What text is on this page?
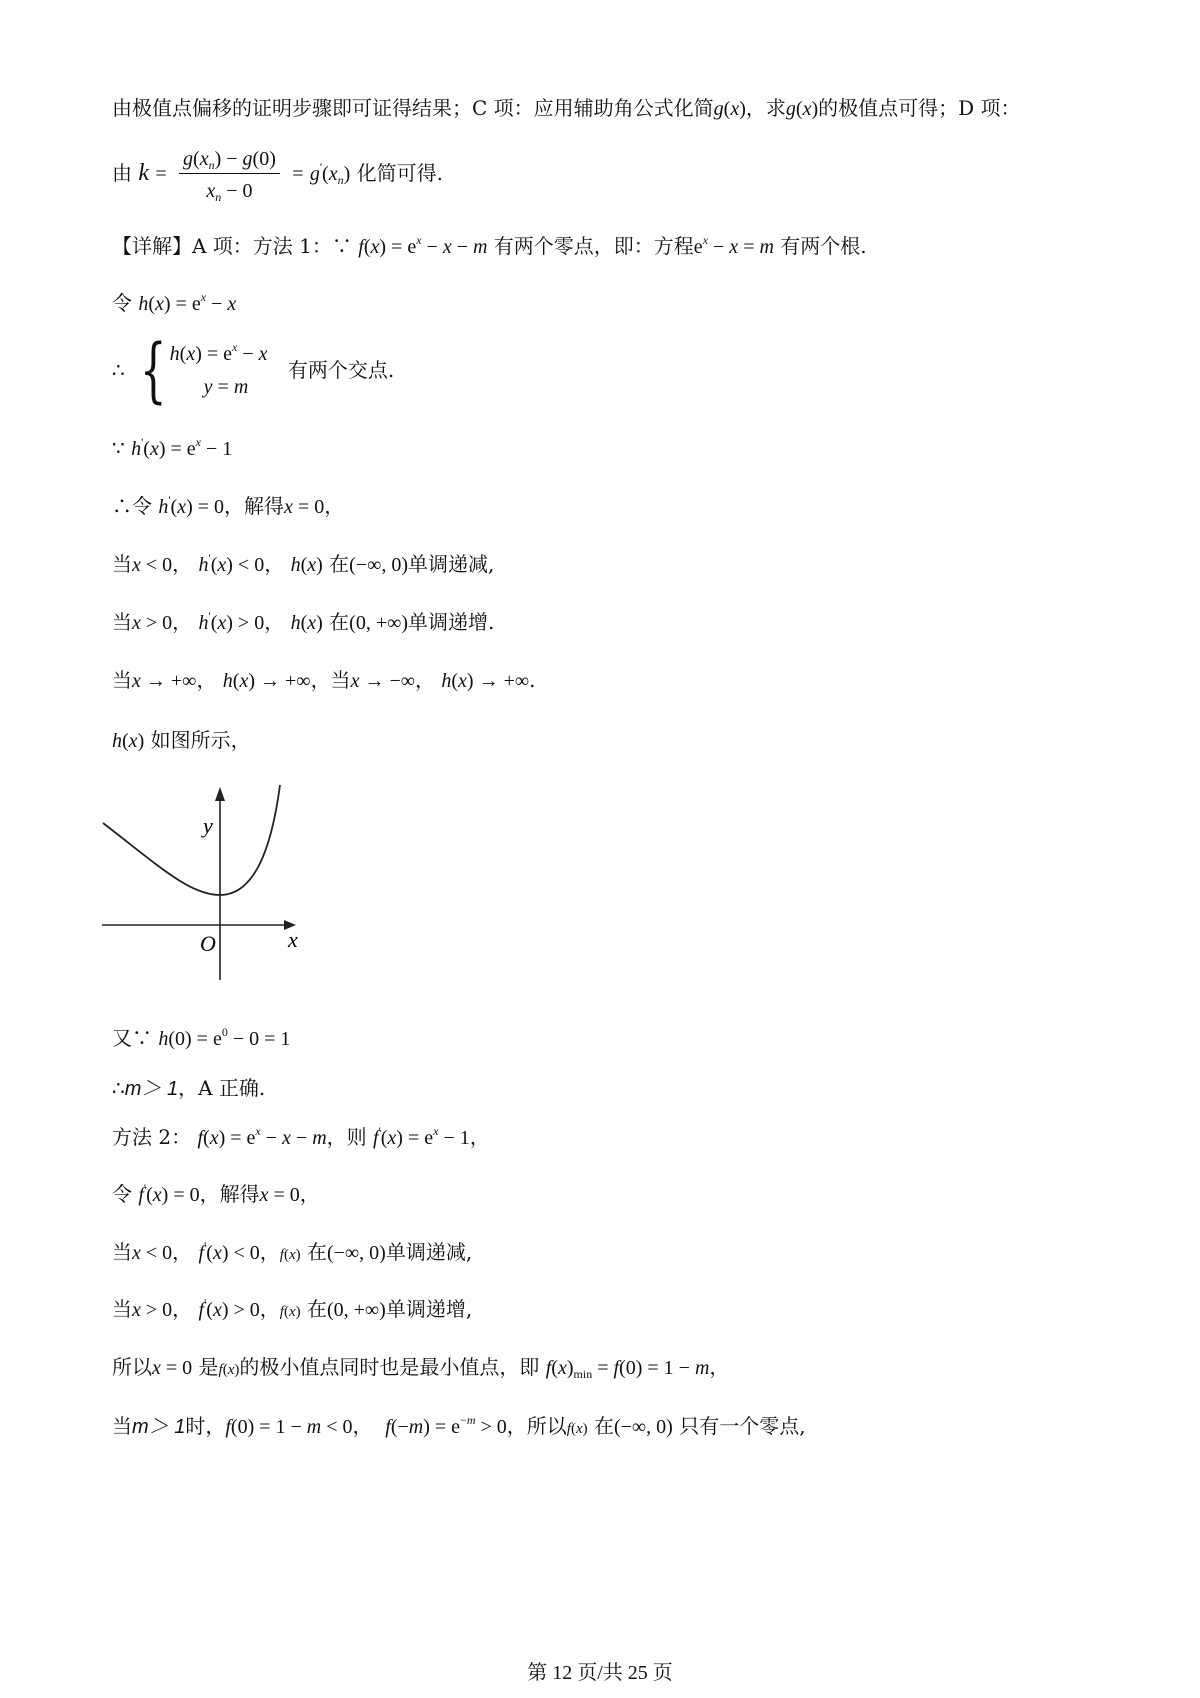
由极值点偏移的证明步骤即可证得结果；C 项：应用辅助角公式化简g(x)，求g(x)的极值点可得；D 项：
由 $k = \frac{g(x_n) - g(0)}{x_n - 0} = g'(x_n)$ 化简可得.
【详解】A 项：方法 1：∵ $f(x) = e^x - x - m$ 有两个零点，即：方程$e^x - x = m$ 有两个根.
令 $h(x) = e^x - x$
∴ { $h(x) = e^x - x$
y = m
有两个交点.
∵ $h'(x) = e^x - 1$
∴令 h'(x) = 0，解得x = 0，
当x < 0， h'(x) < 0， h(x) 在(−∞, 0)单调递减,
当x > 0， h'(x) > 0， h(x) 在(0, +∞)单调递增.
当x → +∞， h(x) → +∞，当x → −∞， h(x) → +∞.
h(x) 如图所示，
y
x
O
又∵ $h(0) = e^0 - 0 = 1$
∴m＞ 1，A 正确.
方法 2： $f(x) = e^x - x - m$，则 $f'(x) = e^x - 1$，
令 f'(x) = 0，解得x = 0，
当x < 0， f'(x) < 0，f(x) 在(−∞, 0)单调递减,
当x > 0， f'(x) > 0，f(x) 在(0, +∞)单调递增,
所以x = 0 是f(x)的极小值点同时也是最小值点，即 $f(x)_{min} = f(0) = 1 - m$，
当m＞ 1时，f(0) = 1 − m < 0， $f(-m) = e^{-m} > 0$，所以f(x) 在(−∞, 0) 只有一个零点,
第 12 页/共 25 页
